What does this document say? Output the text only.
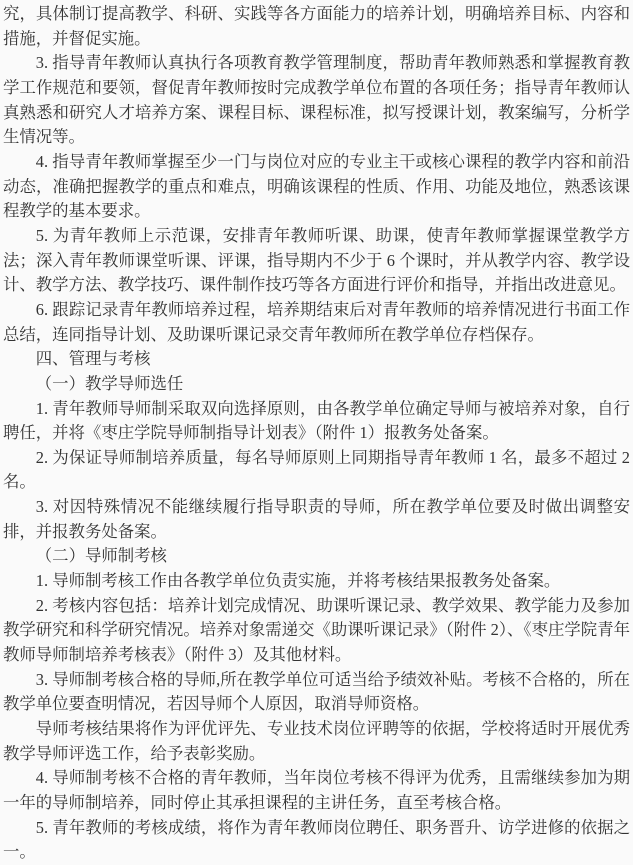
究，具体制订提高教学、科研、实践等各方面能力的培养计划，明确培养目标、内容和措施，并督促实施。

3. 指导青年教师认真执行各项教育教学管理制度，帮助青年教师熟悉和掌握教育教学工作规范和要领，督促青年教师按时完成教学单位布置的各项任务；指导青年教师认真熟悉和研究人才培养方案、课程目标、课程标准，拟写授课计划，教案编写，分析学生情况等。

4. 指导青年教师掌握至少一门与岗位对应的专业主干或核心课程的教学内容和前沿动态，准确把握教学的重点和难点，明确该课程的性质、作用、功能及地位，熟悉该课程教学的基本要求。

5. 为青年教师上示范课，安排青年教师听课、助课，使青年教师掌握课堂教学方法；深入青年教师课堂听课、评课，指导期内不少于 6 个课时，并从教学内容、教学设计、教学方法、教学技巧、课件制作技巧等各方面进行评价和指导，并指出改进意见。

6. 跟踪记录青年教师培养过程，培养期结束后对青年教师的培养情况进行书面工作总结，连同指导计划、及助课听课记录交青年教师所在教学单位存档保存。

四、管理与考核

（一）教学导师选任

1. 青年教师导师制采取双向选择原则，由各教学单位确定导师与被培养对象，自行聘任，并将《枣庄学院导师制指导计划表》（附件 1）报教务处备案。

2. 为保证导师制培养质量，每名导师原则上同期指导青年教师 1 名，最多不超过 2 名。

3. 对因特殊情况不能继续履行指导职责的导师，所在教学单位要及时做出调整安排，并报教务处备案。

（二）导师制考核

1. 导师制考核工作由各教学单位负责实施，并将考核结果报教务处备案。

2. 考核内容包括：培养计划完成情况、助课听课记录、教学效果、教学能力及参加教学研究和科学研究情况。培养对象需递交《助课听课记录》（附件 2）、《枣庄学院青年教师导师制培养考核表》（附件 3）及其他材料。

3. 导师制考核合格的导师,所在教学单位可适当给予绩效补贴。考核不合格的，所在教学单位要查明情况，若因导师个人原因，取消导师资格。

导师考核结果将作为评优评先、专业技术岗位评聘等的依据，学校将适时开展优秀教学导师评选工作，给予表彰奖励。

4. 导师制考核不合格的青年教师，当年岗位考核不得评为优秀，且需继续参加为期一年的导师制培养，同时停止其承担课程的主讲任务，直至考核合格。

5. 青年教师的考核成绩，将作为青年教师岗位聘任、职务晋升、访学进修的依据之一。
